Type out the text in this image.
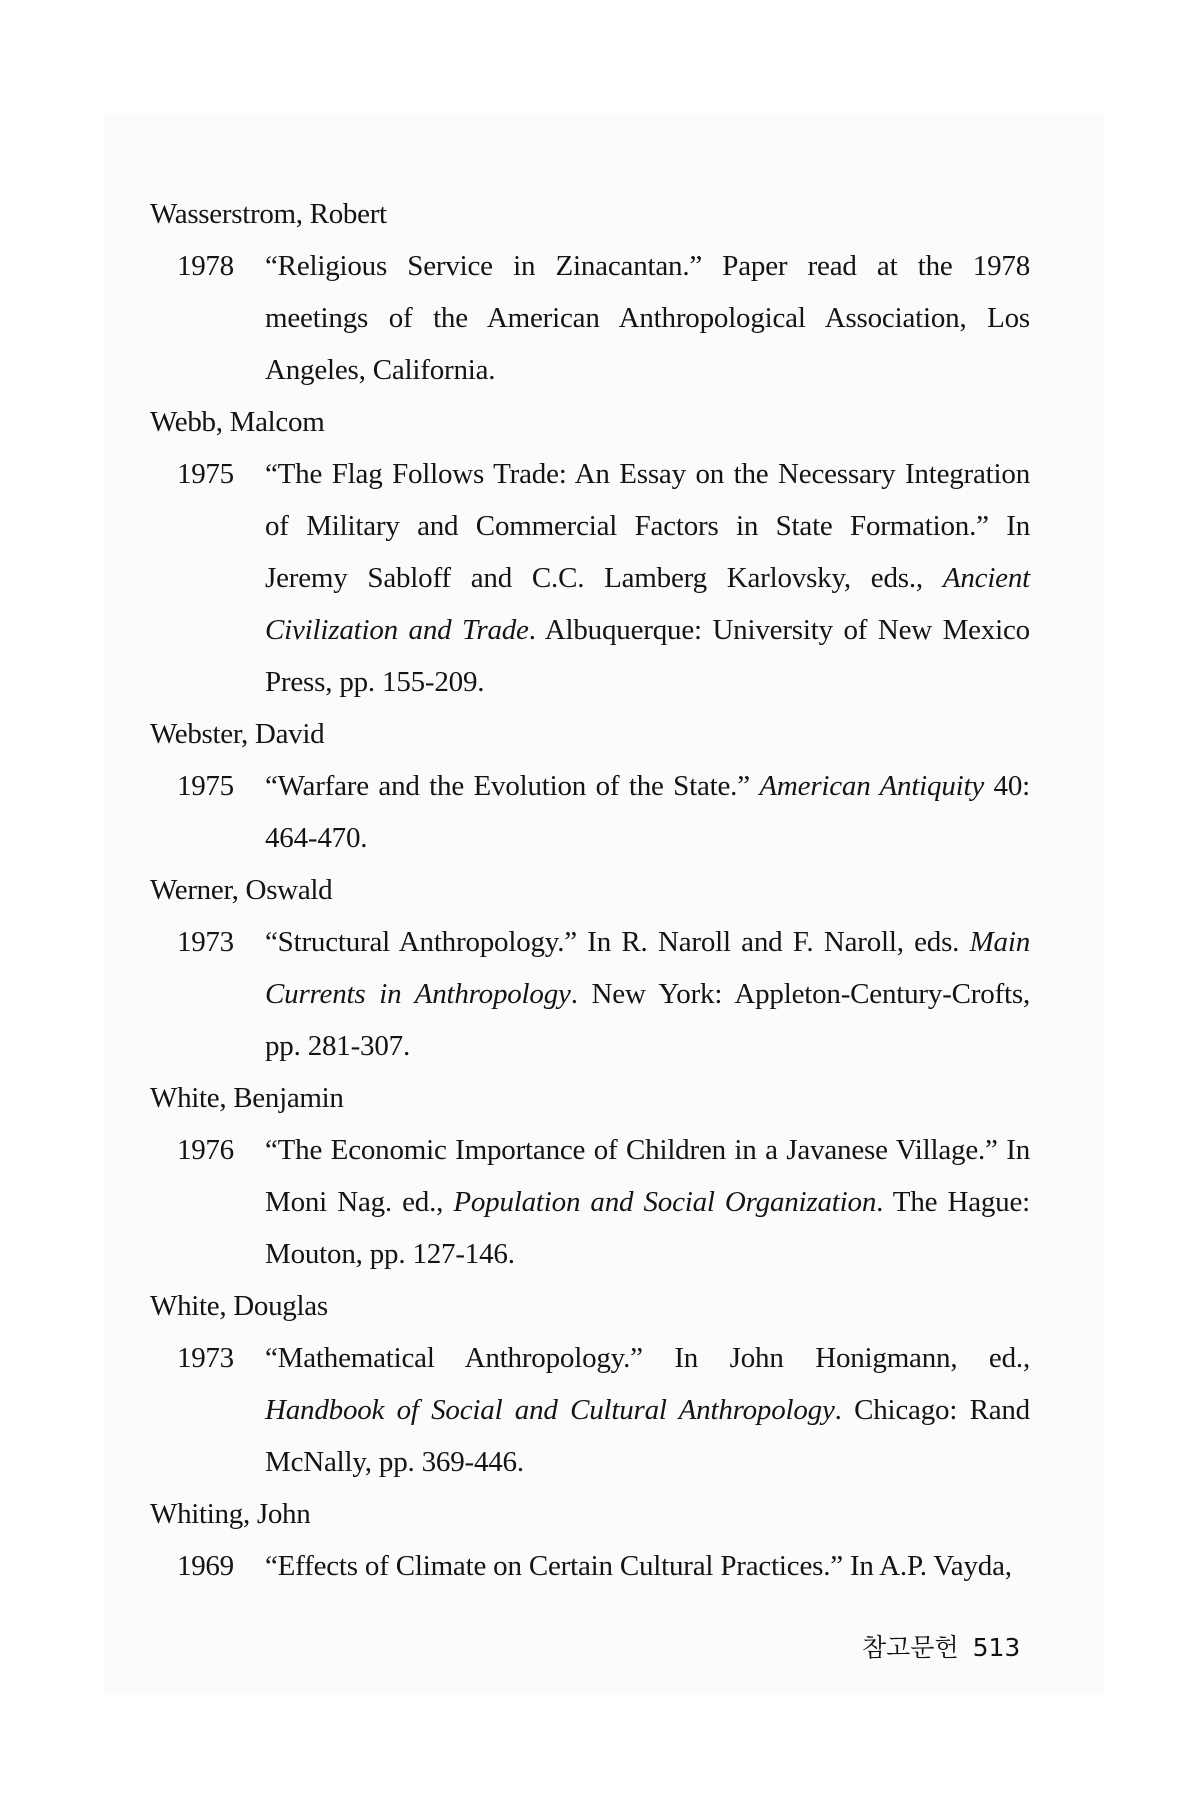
Wasserstrom, Robert

1978	“Religious Service in Zinacantan.” Paper read at the 1978 meetings of the American Anthropological Association, Los Angeles, California.

Webb, Malcom

1975	“The Flag Follows Trade: An Essay on the Necessary Integration of Military and Commercial Factors in State Formation.” In Jeremy Sabloff and C.C. Lamberg Karlovsky, eds., Ancient Civilization and Trade. Albuquerque: University of New Mexico Press, pp. 155-209.

Webster, David

1975	“Warfare and the Evolution of the State.” American Antiquity 40: 464-470.

Werner, Oswald

1973	“Structural Anthropology.” In R. Naroll and F. Naroll, eds. Main Currents in Anthropology. New York: Appleton-Century-Crofts, pp. 281-307.

White, Benjamin

1976	“The Economic Importance of Children in a Javanese Village.” In Moni Nag. ed., Population and Social Organization. The Hague: Mouton, pp. 127-146.

White, Douglas

1973	“Mathematical Anthropology.” In John Honigmann, ed., Handbook of Social and Cultural Anthropology. Chicago: Rand McNally, pp. 369-446.

Whiting, John

1969	“Effects of Climate on Certain Cultural Practices.” In A.P. Vayda,
참고문헌 513
